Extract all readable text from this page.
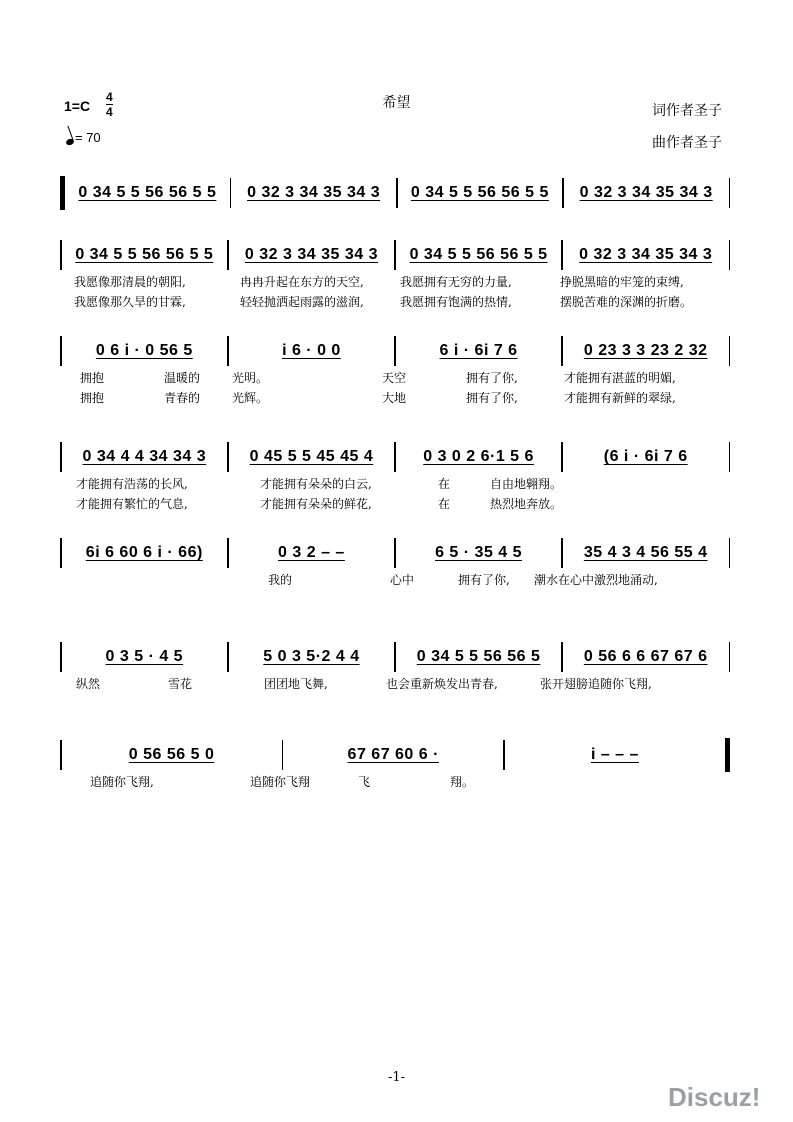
希望
1=C
4
4
= 70
词作者圣子
曲作者圣子
0 34 5 5 56 56 5 5	0 32 3 34 35 34 3	0 34 5 5 56 56 5 5	0 32 3 34 35 34 3
0 34 5 5 56 56 5 5	0 32 3 34 35 34 3	0 34 5 5 56 56 5 5	0 32 3 34 35 34 3
我愿像那清晨的朝阳,	冉冉升起在东方的天空,	我愿拥有无穷的力量,	挣脱黑暗的牢笼的束缚,
我愿像那久旱的甘霖,	轻轻抛洒起雨露的滋润,	我愿拥有饱满的热情,	摆脱苦难的深渊的折磨。
0 6 i · 0 56 5	i 6 · 0 0	6 i · 6i 7 6	0 23 3 3 23 2 32
拥抱	温暖的	光明。	天空	拥有了你,	才能拥有湛蓝的明媚,
拥抱	青春的	光辉。	大地	拥有了你,	才能拥有新鲜的翠绿,
0 34 4 4 34 34 3	0 45 5 5 45 45 4	0 3 0 2 6·1 5 6	(6 i · 6i 7 6
才能拥有浩荡的长风,	才能拥有朵朵的白云,	在	自由地翱翔。
才能拥有繁忙的气息,	才能拥有朵朵的鲜花,	在	热烈地奔放。
6i 6 60 6 i · 66)	0 3 2 – –	6 5 · 35 4 5	35 4 3 4 56 55 4
我的	心中	拥有了你, 潮水在心中激烈地涌动,
0 3 5 · 4 5	5 0 3 5·2 4 4	0 34 5 5 56 56 5	0 56 6 6 67 67 6
纵然	雪花	团团地飞舞,	也会重新焕发出青春,	张开翅膀追随你飞翔,
0 56 56 5 0	67 67 60 6 ·	i – – –
追随你飞翔,	追随你飞翔	飞	翔。
-1-
Discuz!
